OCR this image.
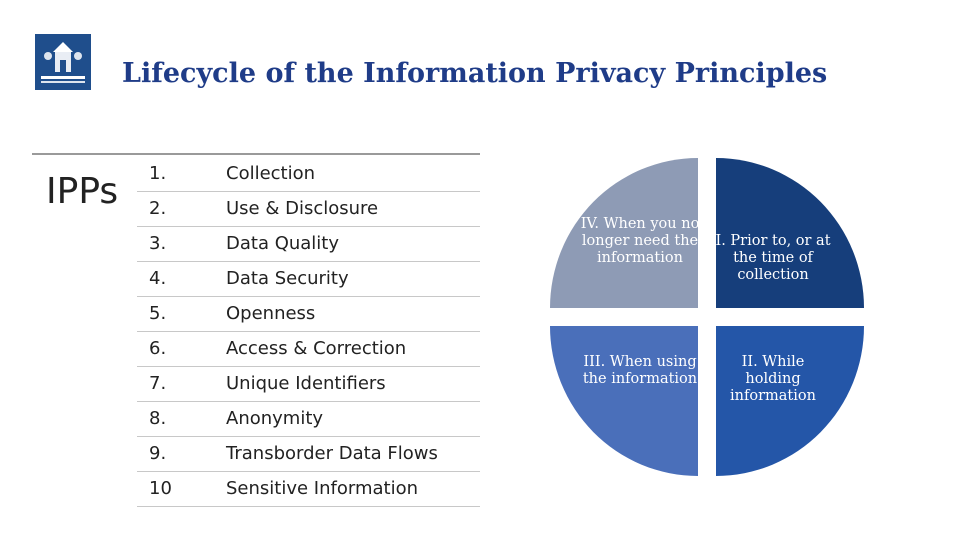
Lifecycle of the Information Privacy Principles
IPPs 1.	Collection
2.	Use & Disclosure
3.	Data Quality
4.	Data Security
5.	Openness
6.	Access & Correction
7.	Unique Identifiers
8.	Anonymity
9.	Transborder Data Flows
10	Sensitive Information
IV. When you no longer need the information
I. Prior to, or at the time of collection
III. When using the information
II. While holding information
